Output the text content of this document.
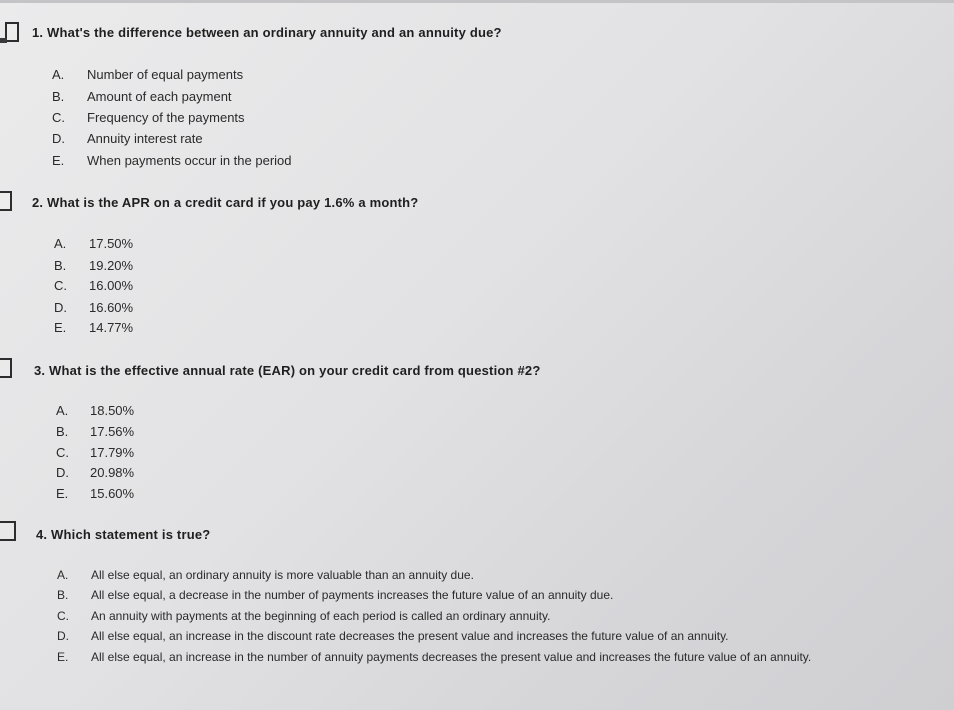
1. What's the difference between an ordinary annuity and an annuity due?
A. Number of equal payments
B. Amount of each payment
C. Frequency of the payments
D. Annuity interest rate
E. When payments occur in the period
2. What is the APR on a credit card if you pay 1.6% a month?
A. 17.50%
B. 19.20%
C. 16.00%
D. 16.60%
E. 14.77%
3. What is the effective annual rate (EAR) on your credit card from question #2?
A. 18.50%
B. 17.56%
C. 17.79%
D. 20.98%
E. 15.60%
4. Which statement is true?
A. All else equal, an ordinary annuity is more valuable than an annuity due.
B. All else equal, a decrease in the number of payments increases the future value of an annuity due.
C. An annuity with payments at the beginning of each period is called an ordinary annuity.
D. All else equal, an increase in the discount rate decreases the present value and increases the future value of an annuity.
E. All else equal, an increase in the number of annuity payments decreases the present value and increases the future value of an annuity.
